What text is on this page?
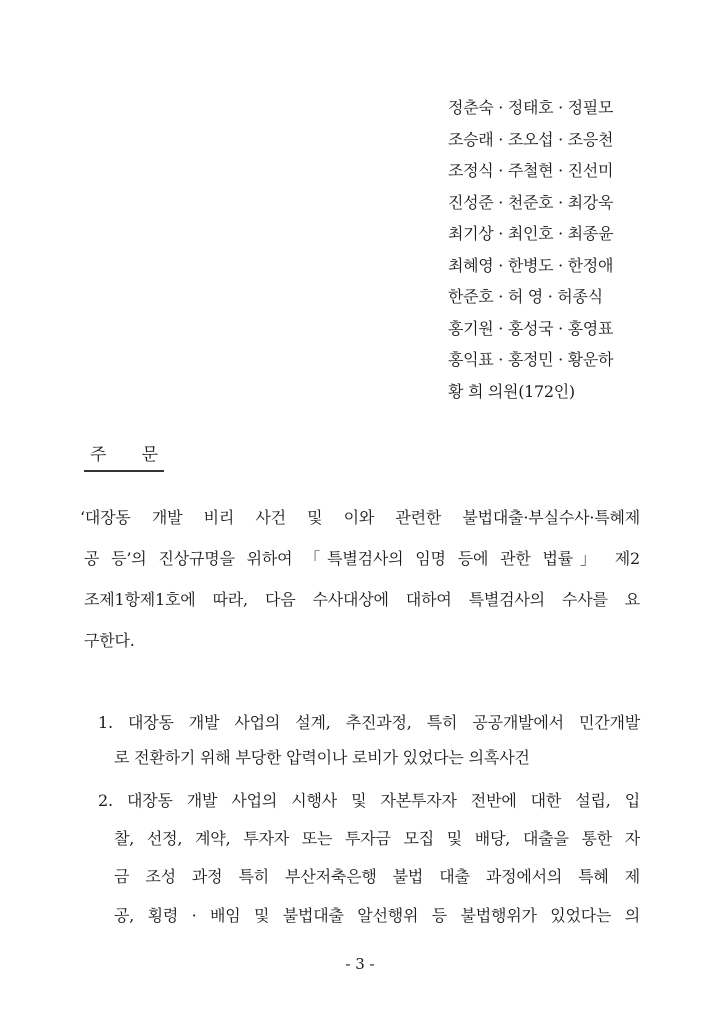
정춘숙 · 정태호 · 정필모
조승래 · 조오섭 · 조응천
조정식 · 주철현 · 진선미
진성준 · 천준호 · 최강욱
최기상 · 최인호 · 최종윤
최혜영 · 한병도 · 한정애
한준호 · 허 영 · 허종식
홍기원 · 홍성국 · 홍영표
홍익표 · 홍정민 · 황운하
황 희 의원(172인)
주 문

‘대장동 개발 비리 사건 및 이와 관련한 불법대출·부실수사·특혜제

공 등’의 진상규명을 위하여 「특별검사의 임명 등에 관한 법률」 제2

조제1항제1호에 따라, 다음 수사대상에 대하여 특별검사의 수사를 요

구한다.

1. 대장동 개발 사업의 설계, 추진과정, 특히 공공개발에서 민간개발

로 전환하기 위해 부당한 압력이나 로비가 있었다는 의혹사건

2. 대장동 개발 사업의 시행사 및 자본투자자 전반에 대한 설립, 입

찰, 선정, 계약, 투자자 또는 투자금 모집 및 배당, 대출을 통한 자

금 조성 과정 특히 부산저축은행 불법 대출 과정에서의 특혜 제

공, 횡령 · 배임 및 불법대출 알선행위 등 불법행위가 있었다는 의

- 3 -
